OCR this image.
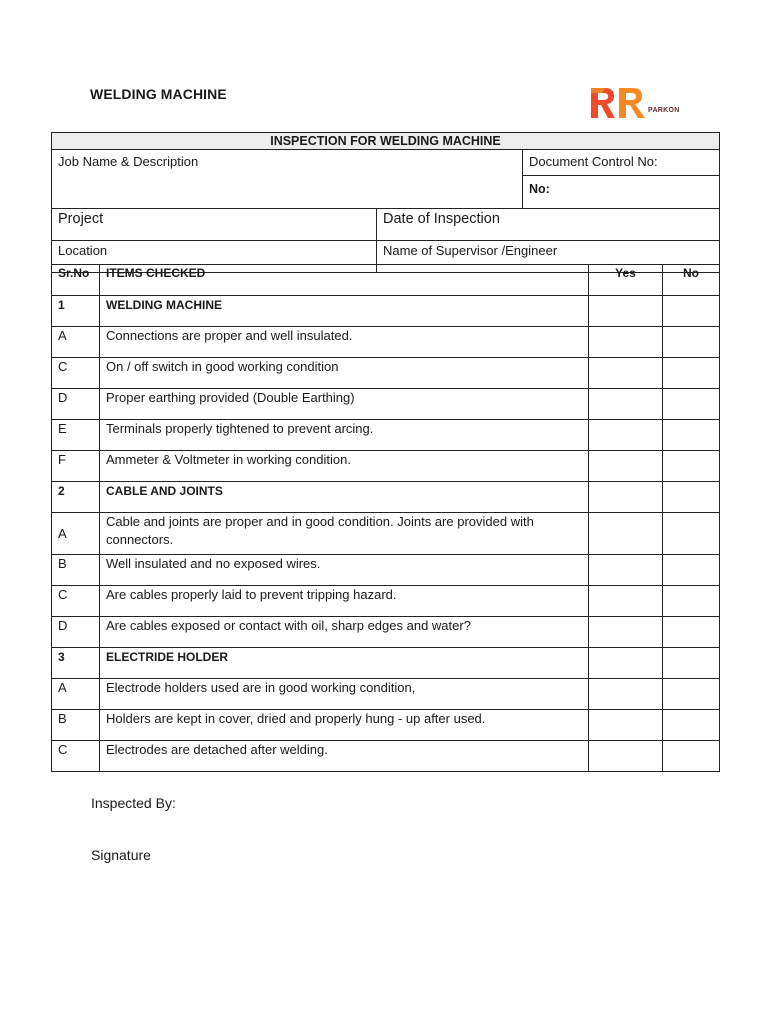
WELDING MACHINE
PARKON
INSPECTION FOR WELDING MACHINE		
Job Name & Description		Document Control No:
		No:
Project	Date of Inspection	
Location	Name of Supervisor /Engineer	
Sr.No	ITEMS CHECKED	Yes	No
1	WELDING MACHINE		
A	Connections are proper and well insulated.		
C	On / off switch in good working condition		
D	Proper earthing provided (Double Earthing)		
E	Terminals properly tightened to prevent arcing.		
F	Ammeter & Voltmeter in working condition.		
2	CABLE AND JOINTS		
A	Cable and joints are proper and in good condition. Joints are provided with connectors.		
B	Well insulated and no exposed wires.		
C	Are cables properly laid to prevent tripping hazard.		
D	Are cables exposed or contact with oil, sharp edges and water?		
3	ELECTRIDE HOLDER		
A	Electrode holders used are in good working condition,		
B	Holders are kept in cover, dried and properly hung - up after used.		
C	Electrodes are detached after welding.		
Inspected By:
Signature
